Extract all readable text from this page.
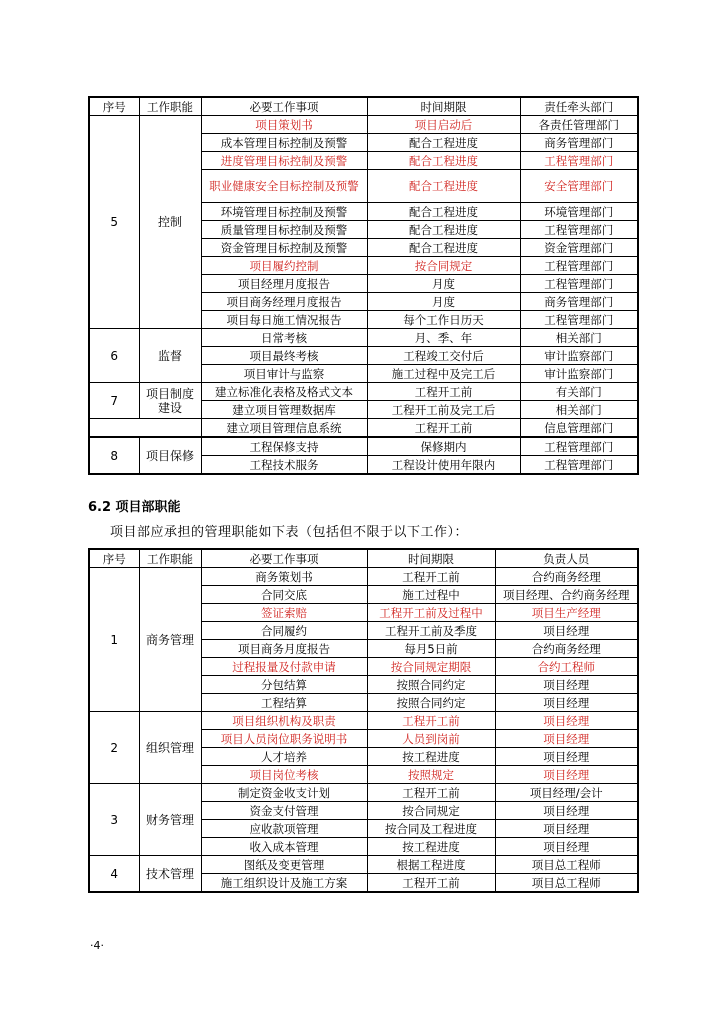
序号	工作职能	必要工作事项	时间期限	责任牵头部门
5	控制	项目策划书	项目启动后	各责任管理部门
		成本管理目标控制及预警	配合工程进度	商务管理部门
		进度管理目标控制及预警	配合工程进度	工程管理部门
		职业健康安全目标控制及预警	配合工程进度	安全管理部门
		环境管理目标控制及预警	配合工程进度	环境管理部门
		质量管理目标控制及预警	配合工程进度	工程管理部门
		资金管理目标控制及预警	配合工程进度	资金管理部门
		项目履约控制	按合同规定	工程管理部门
		项目经理月度报告	月度	工程管理部门
		项目商务经理月度报告	月度	商务管理部门
		项目每日施工情况报告	每个工作日历天	工程管理部门
6	监督	日常考核	月、季、年	相关部门
		项目最终考核	工程竣工交付后	审计监察部门
		项目审计与监察	施工过程中及完工后	审计监察部门
7	项目制度建设	建立标准化表格及格式文本	工程开工前	有关部门
		建立项目管理数据库	工程开工前及完工后	相关部门
		建立项目管理信息系统	工程开工前	信息管理部门
8	项目保修	工程保修支持	保修期内	工程管理部门
		工程技术服务	工程设计使用年限内	工程管理部门
6.2 项目部职能
项目部应承担的管理职能如下表（包括但不限于以下工作）：
序号	工作职能	必要工作事项	时间期限	负责人员
1	商务管理	商务策划书	工程开工前	合约商务经理
		合同交底	施工过程中	项目经理、合约商务经理
		签证索赔	工程开工前及过程中	项目生产经理
		合同履约	工程开工前及季度	项目经理
		项目商务月度报告	每月5日前	合约商务经理
		过程报量及付款申请	按合同规定期限	合约工程师
		分包结算	按照合同约定	项目经理
		工程结算	按照合同约定	项目经理
2	组织管理	项目组织机构及职责	工程开工前	项目经理
		项目人员岗位职务说明书	人员到岗前	项目经理
		人才培养	按工程进度	项目经理
		项目岗位考核	按照规定	项目经理
3	财务管理	制定资金收支计划	工程开工前	项目经理/会计
		资金支付管理	按合同规定	项目经理
		应收款项管理	按合同及工程进度	项目经理
		收入成本管理	按工程进度	项目经理
4	技术管理	图纸及变更管理	根据工程进度	项目总工程师
		施工组织设计及施工方案	工程开工前	项目总工程师
·4·
